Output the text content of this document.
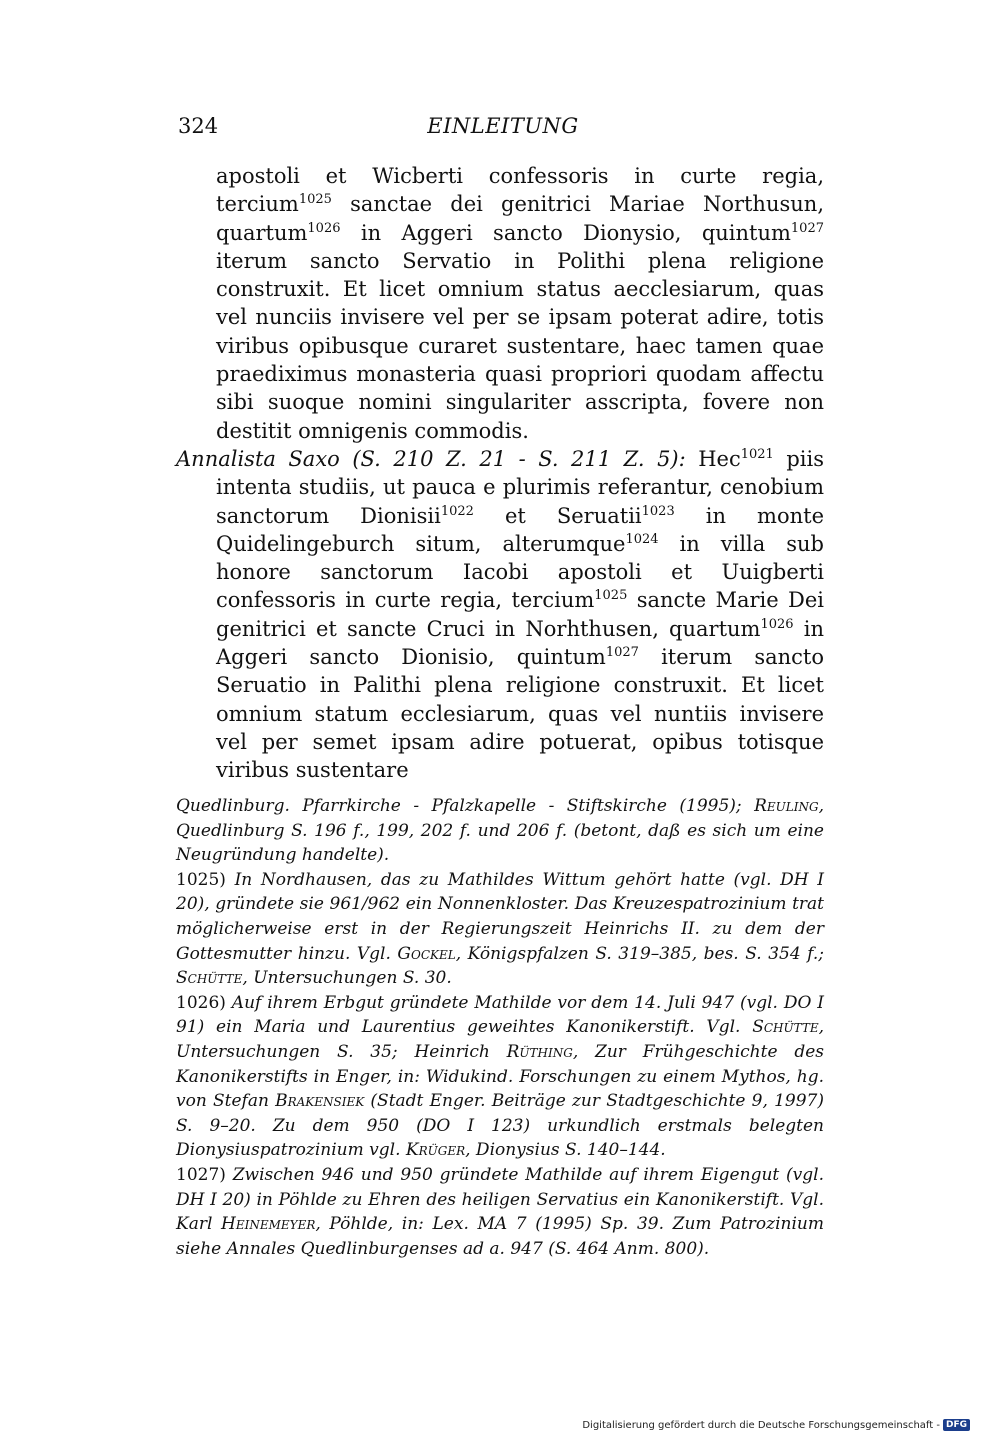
324	EINLEITUNG

apostoli et Wicberti confessoris in curte regia, tercium$^{1025}$ sanctae dei genitrici Mariae Northusun, quartum$^{1026}$ in Aggeri sancto Dionysio, quintum$^{1027}$ iterum sancto Servatio in Polithi plena religione construxit. Et licet omnium status aecclesiarum, quas vel nunciis invisere vel per se ipsam poterat adire, totis viribus opibusque curaret sustentare, haec tamen quae praediximus monasteria quasi propriori quodam affectu sibi suoque nomini singulariter asscripta, fovere non destitit omnigenis commodis.

Annalista Saxo (S. 210 Z. 21 - S. 211 Z. 5): Hec$^{1021}$ piis intenta studiis, ut pauca e plurimis referantur, cenobium sanctorum Dionisii$^{1022}$ et Seruatii$^{1023}$ in monte Quidelingeburch situm, alterumque$^{1024}$ in villa sub honore sanctorum Iacobi apostoli et Uuigberti confessoris in curte regia, tercium$^{1025}$ sancte Marie Dei genitrici et sancte Cruci in Norhthusen, quartum$^{1026}$ in Aggeri sancto Dionisio, quintum$^{1027}$ iterum sancto Seruatio in Palithi plena religione construxit. Et licet omnium statum ecclesiarum, quas vel nuntiis invisere vel per semet ipsam adire potuerat, opibus totisque viribus sustentare

Quedlinburg. Pfarrkirche - Pfalzkapelle - Stiftskirche (1995); Reuling, Quedlinburg S. 196 f., 199, 202 f. und 206 f. (betont, daß es sich um eine Neugründung handelte).

1025) In Nordhausen, das zu Mathildes Wittum gehört hatte (vgl. DH I 20), gründete sie 961/962 ein Nonnenkloster. Das Kreuzespatrozinium trat möglicherweise erst in der Regierungszeit Heinrichs II. zu dem der Gottesmutter hinzu. Vgl. Gockel, Königspfalzen S. 319–385, bes. S. 354 f.; Schütte, Untersuchungen S. 30.

1026) Auf ihrem Erbgut gründete Mathilde vor dem 14. Juli 947 (vgl. DO I 91) ein Maria und Laurentius geweihtes Kanonikerstift. Vgl. Schütte, Untersuchungen S. 35; Heinrich Rüthing, Zur Frühgeschichte des Kanonikerstifts in Enger, in: Widukind. Forschungen zu einem Mythos, hg. von Stefan Brakensiek (Stadt Enger. Beiträge zur Stadtgeschichte 9, 1997) S. 9–20. Zu dem 950 (DO I 123) urkundlich erstmals belegten Dionysiuspatrozinium vgl. Krüger, Dionysius S. 140–144.

1027) Zwischen 946 und 950 gründete Mathilde auf ihrem Eigengut (vgl. DH I 20) in Pöhlde zu Ehren des heiligen Servatius ein Kanonikerstift. Vgl. Karl Heinemeyer, Pöhlde, in: Lex. MA 7 (1995) Sp. 39. Zum Patrozinium siehe Annales Quedlinburgenses ad a. 947 (S. 464 Anm. 800).

Digitalisierung gefördert durch die Deutsche Forschungsgemeinschaft - DFG
